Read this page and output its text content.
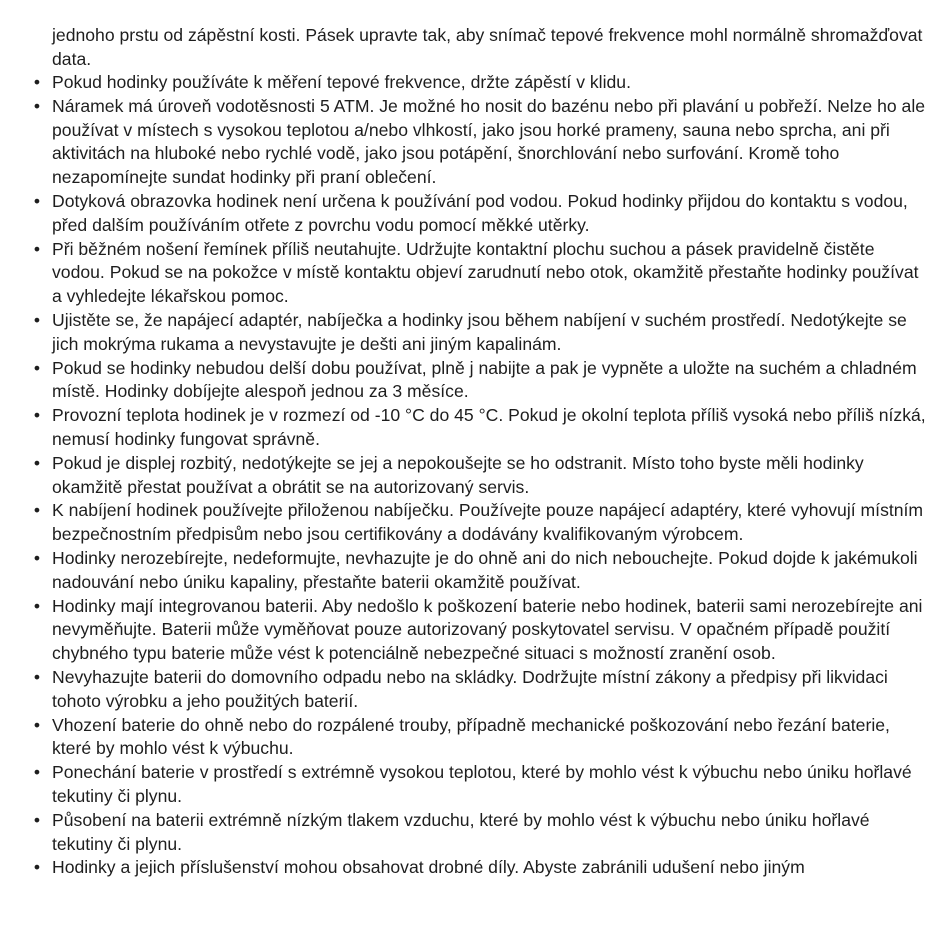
jednoho prstu od zápěstní kosti. Pásek upravte tak, aby snímač tepové frekvence mohl normálně shromažďovat data.

• Pokud hodinky používáte k měření tepové frekvence, držte zápěstí v klidu.
• Náramek má úroveň vodotěsnosti 5 ATM. Je možné ho nosit do bazénu nebo při plavání u pobřeží. Nelze ho ale používat v místech s vysokou teplotou a/nebo vlhkostí, jako jsou horké prameny, sauna nebo sprcha, ani při aktivitách na hluboké nebo rychlé vodě, jako jsou potápění, šnorchlování nebo surfování. Kromě toho nezapomínejte sundat hodinky při praní oblečení.
• Dotyková obrazovka hodinek není určena k používání pod vodou. Pokud hodinky přijdou do kontaktu s vodou, před dalším používáním otřete z povrchu vodu pomocí měkké utěrky.
• Při běžném nošení řemínek příliš neutahujte. Udržujte kontaktní plochu suchou a pásek pravidelně čistěte vodou. Pokud se na pokožce v místě kontaktu objeví zarudnutí nebo otok, okamžitě přestaňte hodinky používat a vyhledejte lékařskou pomoc.
• Ujistěte se, že napájecí adaptér, nabíječka a hodinky jsou během nabíjení v suchém prostředí. Nedotýkejte se jich mokrýma rukama a nevystavujte je dešti ani jiným kapalinám.
• Pokud se hodinky nebudou delší dobu používat, plně j nabijte a pak je vypněte a uložte na suchém a chladném místě. Hodinky dobíjejte alespoň jednou za 3 měsíce.
• Provozní teplota hodinek je v rozmezí od -10 °C do 45 °C. Pokud je okolní teplota příliš vysoká nebo příliš nízká, nemusí hodinky fungovat správně.
• Pokud je displej rozbitý, nedotýkejte se jej a nepokoušejte se ho odstranit. Místo toho byste měli hodinky okamžitě přestat používat a obrátit se na autorizovaný servis.
• K nabíjení hodinek používejte přiloženou nabíječku. Používejte pouze napájecí adaptéry, které vyhovují místním bezpečnostním předpisům nebo jsou certifikovány a dodávány kvalifikovaným výrobcem.
• Hodinky nerozebírejte, nedeformujte, nevhazujte je do ohně ani do nich nebouchejte. Pokud dojde k jakémukoli nadouvání nebo úniku kapaliny, přestaňte baterii okamžitě používat.
• Hodinky mají integrovanou baterii. Aby nedošlo k poškození baterie nebo hodinek, baterii sami nerozebírejte ani nevyměňujte. Baterii může vyměňovat pouze autorizovaný poskytovatel servisu. V opačném případě použití chybného typu baterie může vést k potenciálně nebezpečné situaci s možností zranění osob.
• Nevyhazujte baterii do domovního odpadu nebo na skládky. Dodržujte místní zákony a předpisy při likvidaci tohoto výrobku a jeho použitých baterií.
• Vhození baterie do ohně nebo do rozpálené trouby, případně mechanické poškozování nebo řezání baterie, které by mohlo vést k výbuchu.
• Ponechání baterie v prostředí s extrémně vysokou teplotou, které by mohlo vést k výbuchu nebo úniku hořlavé tekutiny či plynu.
• Působení na baterii extrémně nízkým tlakem vzduchu, které by mohlo vést k výbuchu nebo úniku hořlavé tekutiny či plynu.
• Hodinky a jejich příslušenství mohou obsahovat drobné díly. Abyste zabránili udušení nebo jiným
